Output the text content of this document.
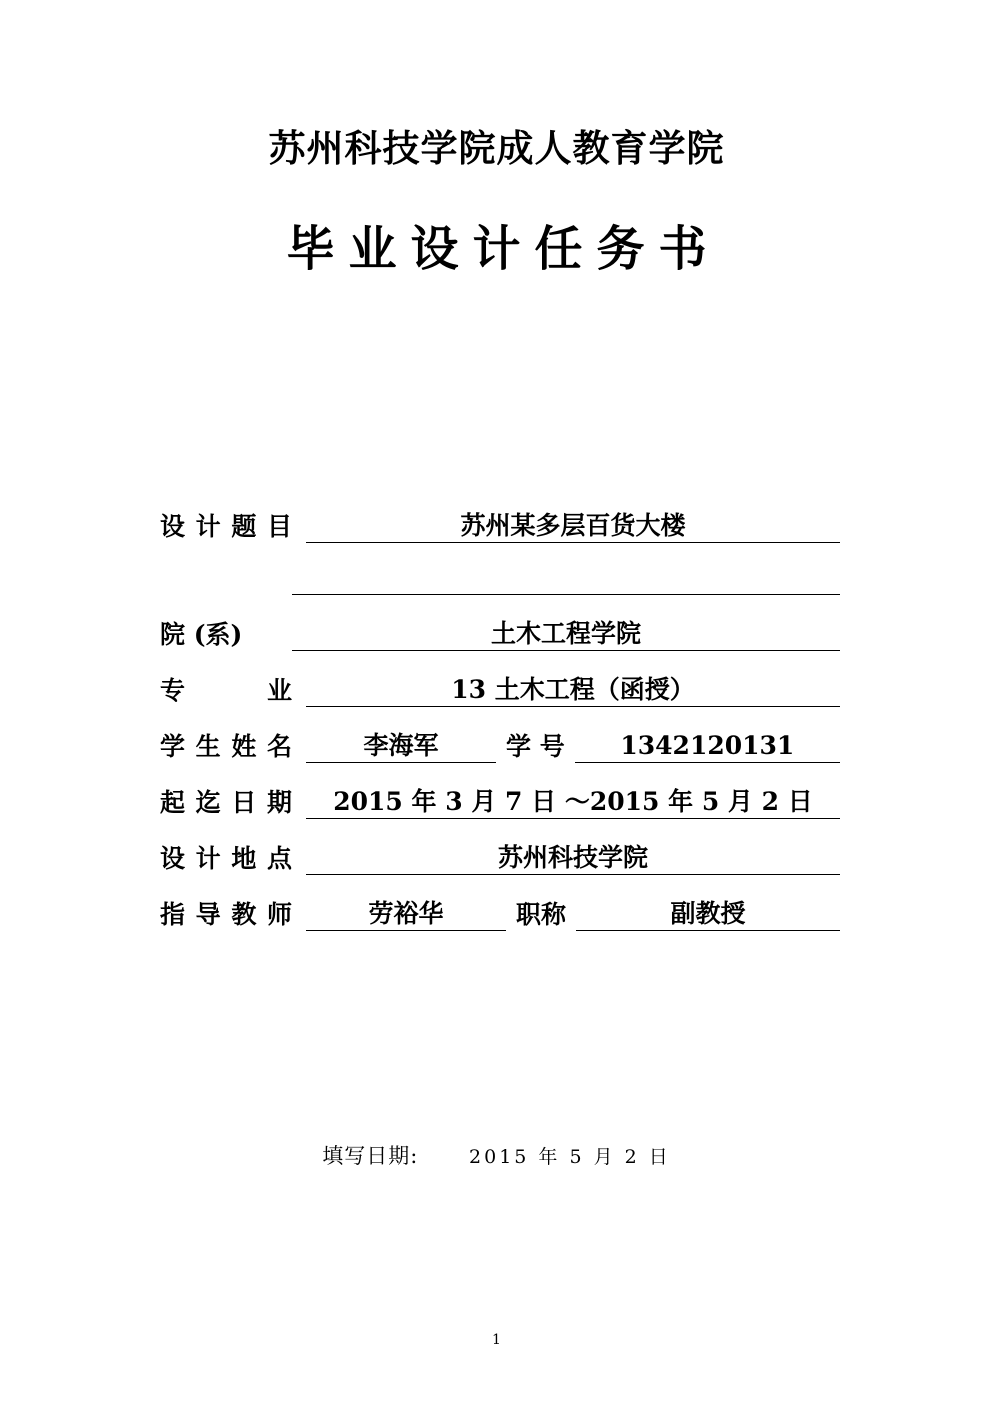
苏州科技学院成人教育学院
毕业设计任务书
设计题目	苏州某多层百货大楼
院 (系)	土木工程学院
专 业	13 土木工程（函授）
学生姓名	李海军	学 号	1342120131
起迄日期	2015 年 3 月 7 日 ～2015 年 5 月 2 日
设计地点	苏州科技学院
指导教师	劳裕华	职称	副教授
填写日期:	2015 年 5 月 2 日
1
